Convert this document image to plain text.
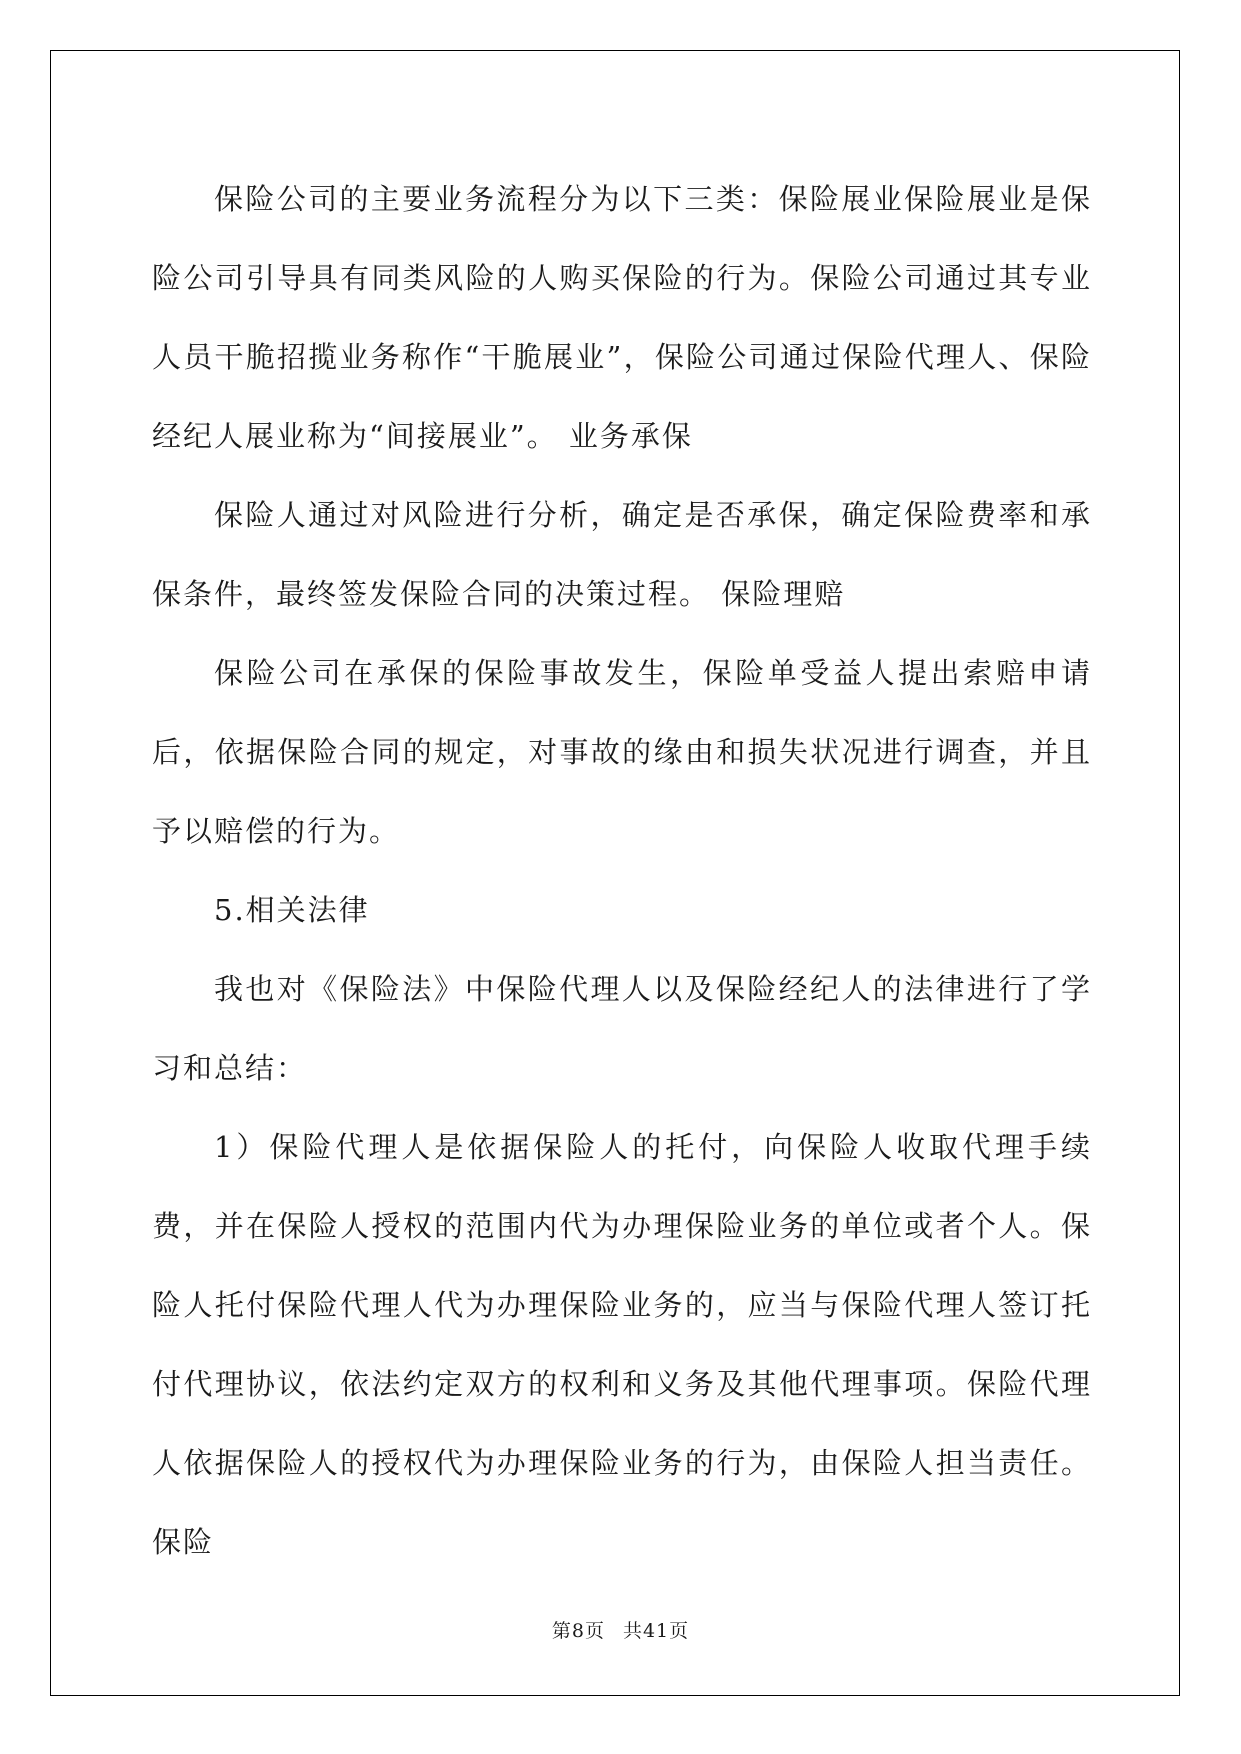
保险公司的主要业务流程分为以下三类：保险展业保险展业是保险公司引导具有同类风险的人购买保险的行为。保险公司通过其专业人员干脆招揽业务称作“干脆展业”，保险公司通过保险代理人、保险经纪人展业称为“间接展业”。 业务承保

保险人通过对风险进行分析，确定是否承保，确定保险费率和承保条件，最终签发保险合同的决策过程。 保险理赔

保险公司在承保的保险事故发生，保险单受益人提出索赔申请后，依据保险合同的规定，对事故的缘由和损失状况进行调查，并且予以赔偿的行为。

5.相关法律

我也对《保险法》中保险代理人以及保险经纪人的法律进行了学习和总结：

1）保险代理人是依据保险人的托付，向保险人收取代理手续费，并在保险人授权的范围内代为办理保险业务的单位或者个人。保险人托付保险代理人代为办理保险业务的，应当与保险代理人签订托付代理协议，依法约定双方的权利和义务及其他代理事项。保险代理人依据保险人的授权代为办理保险业务的行为，由保险人担当责任。保险

第8页 共41页
